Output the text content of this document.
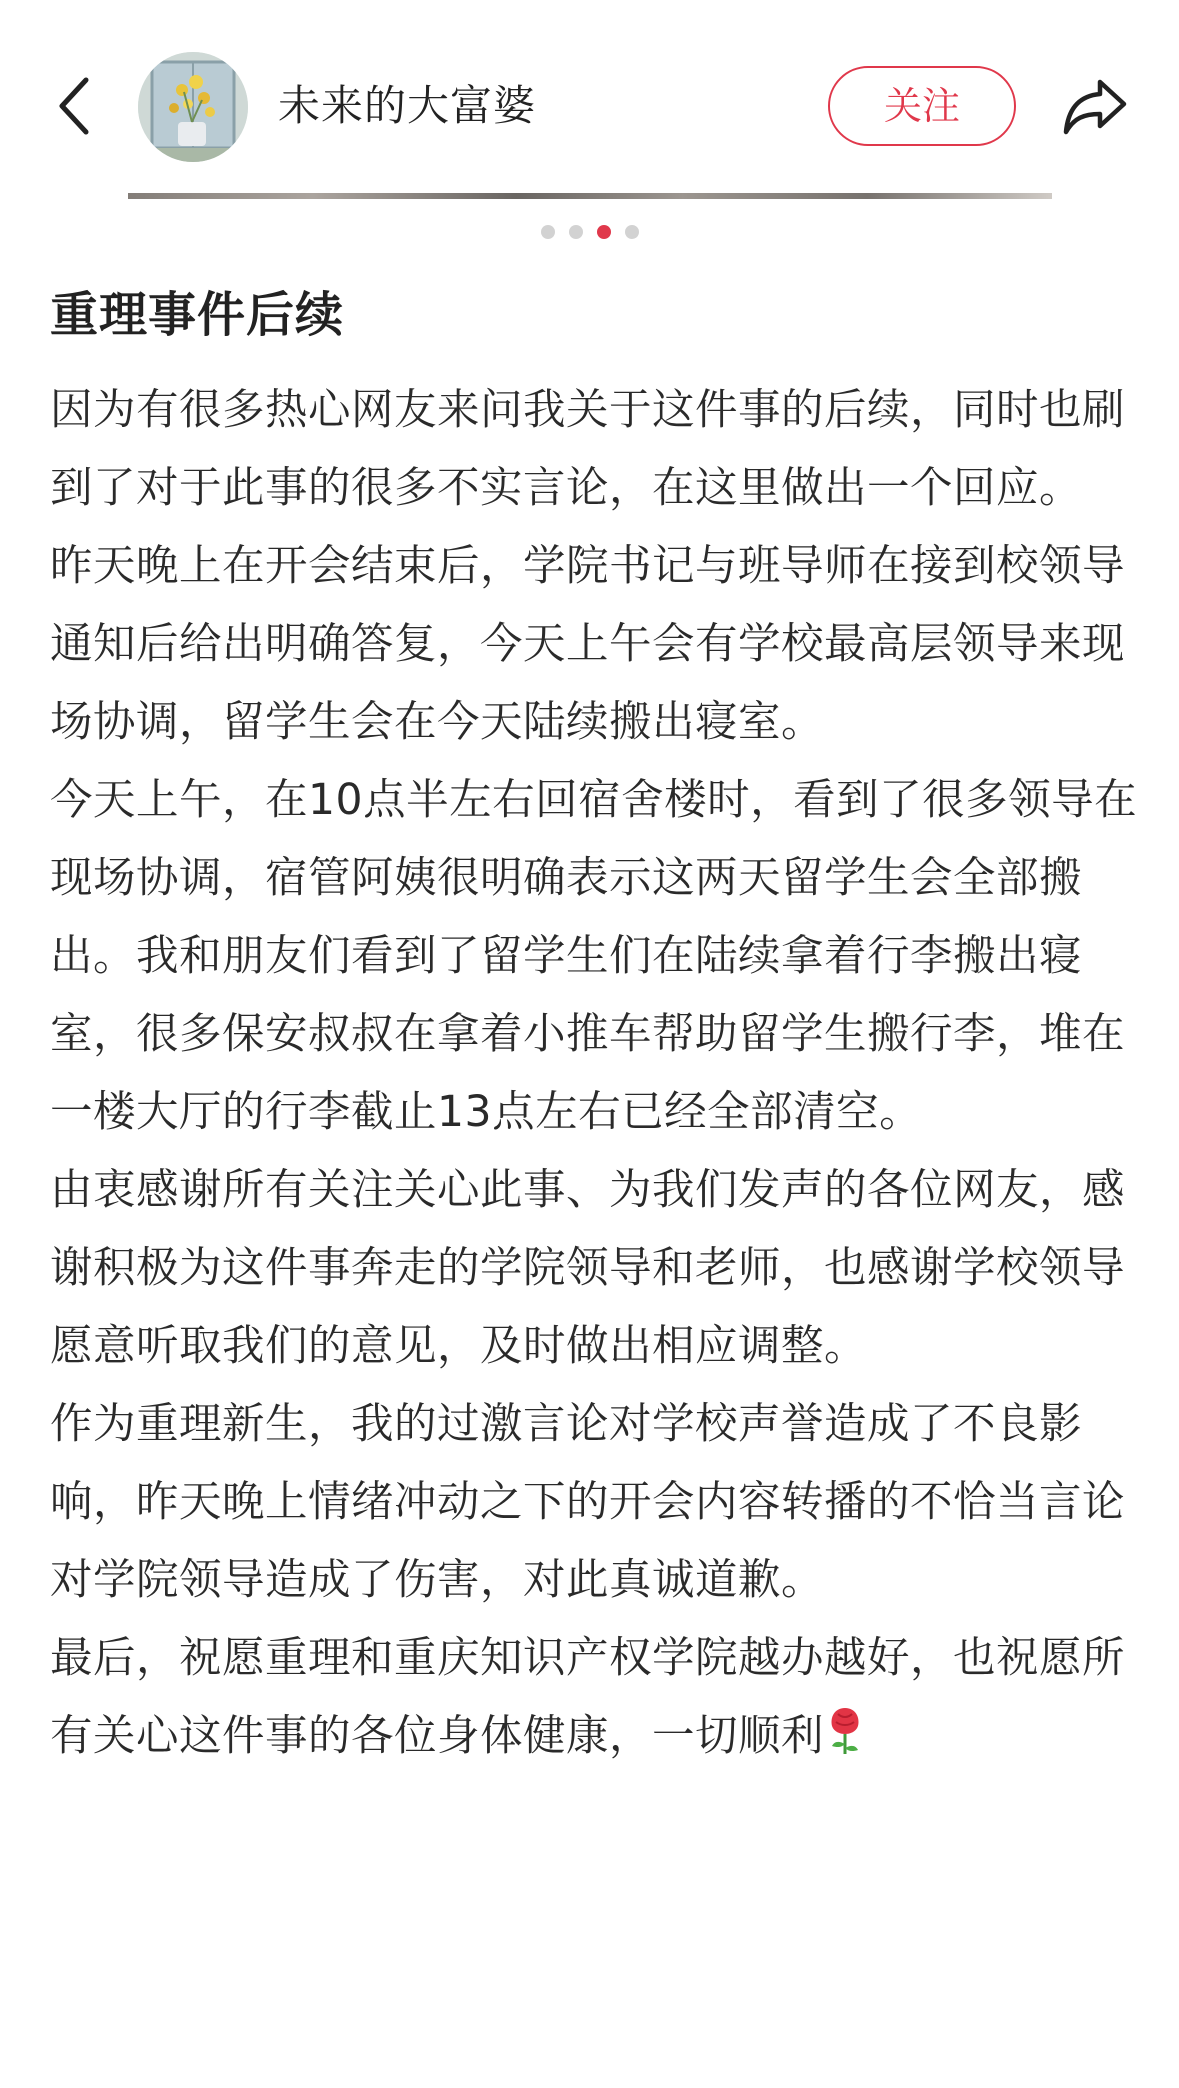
未来的大富婆	关注
重理事件后续

因为有很多热心网友来问我关于这件事的后续，同时也刷到了对于此事的很多不实言论，在这里做出一个回应。

昨天晚上在开会结束后，学院书记与班导师在接到校领导通知后给出明确答复，今天上午会有学校最高层领导来现场协调，留学生会在今天陆续搬出寝室。

今天上午，在10点半左右回宿舍楼时，看到了很多领导在现场协调，宿管阿姨很明确表示这两天留学生会全部搬出。我和朋友们看到了留学生们在陆续拿着行李搬出寝室，很多保安叔叔在拿着小推车帮助留学生搬行李，堆在一楼大厅的行李截止13点左右已经全部清空。

由衷感谢所有关注关心此事、为我们发声的各位网友，感谢积极为这件事奔走的学院领导和老师，也感谢学校领导愿意听取我们的意见，及时做出相应调整。

作为重理新生，我的过激言论对学校声誉造成了不良影响，昨天晚上情绪冲动之下的开会内容转播的不恰当言论对学院领导造成了伤害，对此真诚道歉。

最后，祝愿重理和重庆知识产权学院越办越好，也祝愿所有关心这件事的各位身体健康，一切顺利
